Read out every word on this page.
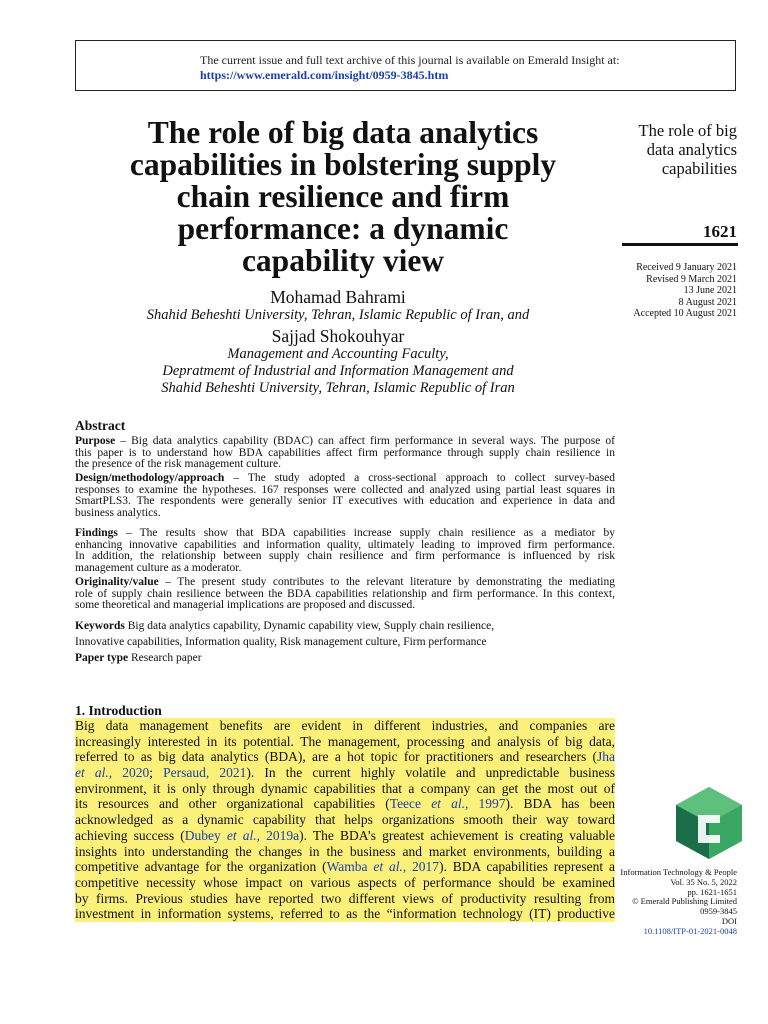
The current issue and full text archive of this journal is available on Emerald Insight at:
https://www.emerald.com/insight/0959-3845.htm
The role of big data analytics
capabilities in bolstering supply
chain resilience and firm
performance: a dynamic
capability view
Mohamad Bahrami
Shahid Beheshti University, Tehran, Islamic Republic of Iran, and
Sajjad Shokouhyar
Management and Accounting Faculty,
Depratmemt of Industrial and Information Management and
Shahid Beheshti University, Tehran, Islamic Republic of Iran
The role of big
data analytics
capabilities
1621
Received 9 January 2021
Revised 9 March 2021
13 June 2021
8 August 2021
Accepted 10 August 2021
Abstract
Purpose – Big data analytics capability (BDAC) can affect firm performance in several ways. The purpose of
this paper is to understand how BDA capabilities affect firm performance through supply chain resilience in
the presence of the risk management culture.
Design/methodology/approach – The study adopted a cross-sectional approach to collect survey-based
responses to examine the hypotheses. 167 responses were collected and analyzed using partial least squares in
SmartPLS3. The respondents were generally senior IT executives with education and experience in data and
business analytics.
Findings – The results show that BDA capabilities increase supply chain resilience as a mediator by
enhancing innovative capabilities and information quality, ultimately leading to improved firm performance.
In addition, the relationship between supply chain resilience and firm performance is influenced by risk
management culture as a moderator.
Originality/value – The present study contributes to the relevant literature by demonstrating the mediating
role of supply chain resilience between the BDA capabilities relationship and firm performance. In this context,
some theoretical and managerial implications are proposed and discussed.
Keywords Big data analytics capability, Dynamic capability view, Supply chain resilience,
Innovative capabilities, Information quality, Risk management culture, Firm performance
Paper type Research paper
1. Introduction
Big data management benefits are evident in different industries, and companies are
increasingly interested in its potential. The management, processing and analysis of big data,
referred to as big data analytics (BDA), are a hot topic for practitioners and researchers (Jha
et al., 2020; Persaud, 2021). In the current highly volatile and unpredictable business
environment, it is only through dynamic capabilities that a company can get the most out of
its resources and other organizational capabilities (Teece et al., 1997). BDA has been
acknowledged as a dynamic capability that helps organizations smooth their way toward
achieving success (Dubey et al., 2019a). The BDA’s greatest achievement is creating valuable
insights into understanding the changes in the business and market environments, building a
competitive advantage for the organization (Wamba et al., 2017). BDA capabilities represent a
competitive necessity whose impact on various aspects of performance should be examined
by firms. Previous studies have reported two different views of productivity resulting from
investment in information systems, referred to as the “information technology (IT) productive
Information Technology & People
Vol. 35 No. 5, 2022
pp. 1621-1651
© Emerald Publishing Limited
0959-3845
DOI
10.1108/ITP-01-2021-0048
